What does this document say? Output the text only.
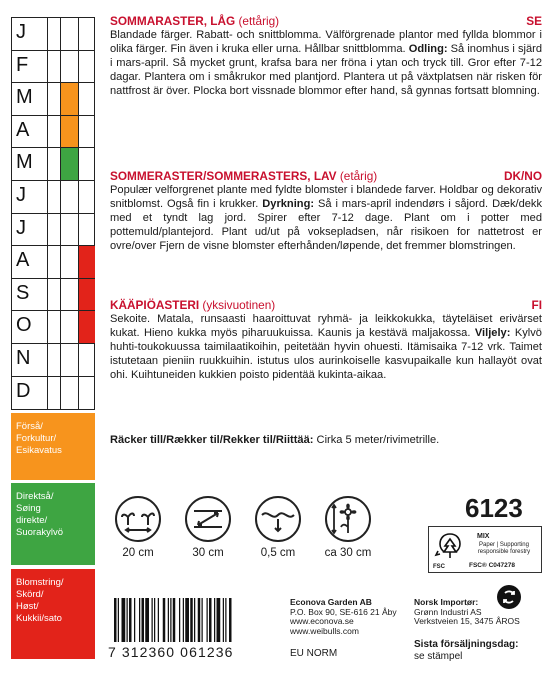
J
F
M
A
M
J
J
A
S
O
N
D
Förså/
Forkultur/
Esikavatus
Direktså/
Søing
direkte/
Suorakylvö
Blomstring/
Skörd/
Høst/
Kukkii/sato
SOMMARASTER, LÅG (ettårig)	SE
Blandade färger. Rabatt- och snittblomma. Välförgrenade plantor med fyllda blommor i olika färger. Fin även i kruka eller urna. Hållbar snittblomma. Odling: Så inomhus i sjärd i mars-april. Så mycket grunt, krafsa bara ner fröna i ytan och tryck till. Gror efter 7-12 dagar. Plantera om i småkrukor med plantjord. Plantera ut på växtplatsen när risken för nattfrost är över. Plocka bort vissnade blommor efter hand, så gynnas fortsatt blomning.
SOMMERASTER/SOMMERASTERS, LAV (etårig)	DK/NO
Populær velforgrenet plante med fyldte blomster i blandede farver. Holdbar og dekorativ snitblomst. Også fin i krukker. Dyrkning: Så i mars-april indendørs i såjord. Dæk/dekk med et tyndt lag jord. Spirer efter 7-12 dage. Plant om i potter med pottemuld/plantejord. Plant ud/ut på voksepladsen, når risikoen for nattetrost er ovre/over Fjern de visne blomster efterhånden/løpende, det fremmer blomstringen.
KÄÄPIÖASTERI (yksivuotinen)	FI
Sekoite. Matala, runsaasti haaroittuvat ryhmä- ja leikkokukka, täyteläiset erivärset kukat. Hieno kukka myös piharuukuissa. Kaunis ja kestävä maljakossa. Viljely: Kylvö huhti-toukokuussa taimilaatikoihin, peitetään hyvin ohuesti. Itämisaika 7-12 vrk. Taimet istutetaan pieniin ruukkuihin. istutus ulos aurinkoiselle kasvupaikalle kun hallayöt ovat ohi. Kuihtuneiden kukkien poisto pidentää kukinta-aikaa.
Räcker till/Rækker til/Rekker til/Riittää: Cirka 5 meter/rivimetrille.
20 cm	30 cm	0,5 cm	ca 30 cm
6123
FSC
MIX
Paper | Supporting responsible forestry
FSC® C047278
7 312360 061236
Econova Garden AB
P.O. Box 90, SE-616 21 Åby
www.econova.se
www.weibulls.com
Norsk Importør:
Grønn Industri AS
Verkstveien 15, 3475 ÅROS
EU NORM
Sista försäljningsdag:
se stämpel
